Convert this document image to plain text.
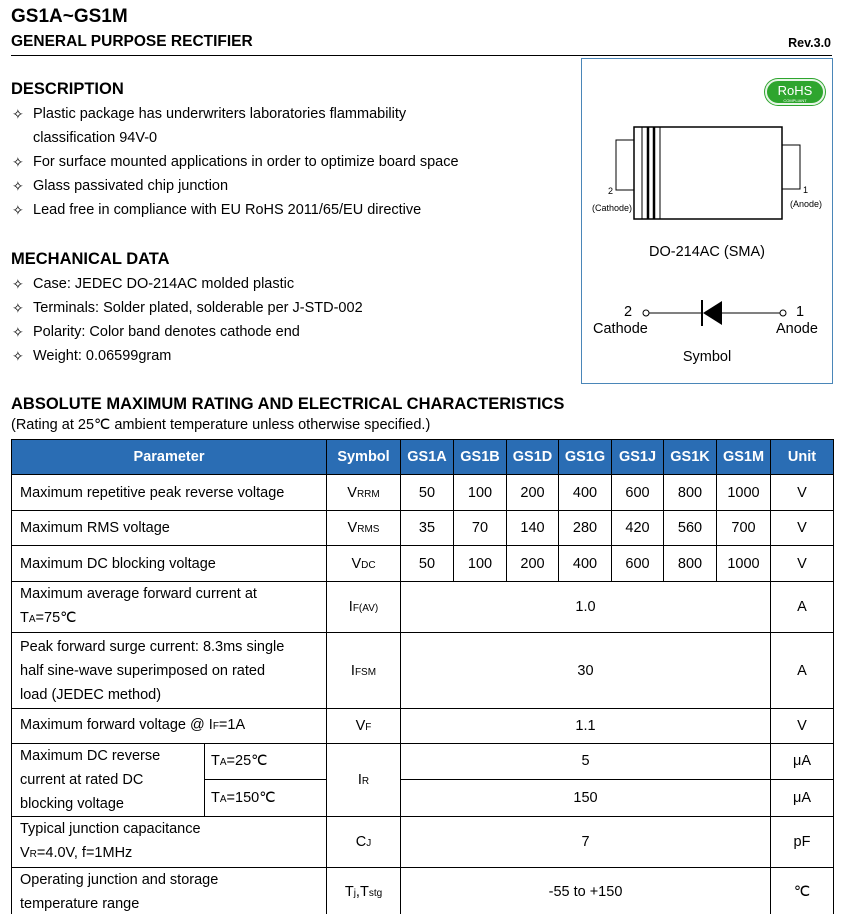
GS1A~GS1M
GENERAL PURPOSE RECTIFIER	Rev.3.0
DESCRIPTION
✧ Plastic package has underwriters laboratories flammability
classification 94V-0
✧ For surface mounted applications in order to optimize board space
✧ Glass passivated chip junction
✧ Lead free in compliance with EU RoHS 2011/65/EU directive
MECHANICAL DATA
✧ Case: JEDEC DO-214AC molded plastic
✧ Terminals: Solder plated, solderable per J-STD-002
✧ Polarity: Color band denotes cathode end
✧ Weight: 0.06599gram
RoHS
COMPLIANT
2
(Cathode)
1
(Anode)
DO-214AC (SMA)
2
Cathode
1
Anode
Symbol
ABSOLUTE MAXIMUM RATING AND ELECTRICAL CHARACTERISTICS
(Rating at 25℃ ambient temperature unless otherwise specified.)
Parameter		Symbol	GS1A	GS1B	GS1D	GS1G	GS1J	GS1K	GS1M	Unit
Maximum repetitive peak reverse voltage		VRRM	50	100	200	400	600	800	1000	V
Maximum RMS voltage		VRMS	35	70	140	280	420	560	700	V
Maximum DC blocking voltage		VDC	50	100	200	400	600	800	1000	V

Maximum average forward current at
TA=75℃		IF(AV)	1.0							A

Peak forward surge current: 8.3ms single
half sine-wave superimposed on rated
load (JEDEC method)		IFSM	30							A
Maximum forward voltage @ IF=1A		VF	1.1							V

Maximum DC reverse
current at rated DC
blocking voltage	TA=25℃	IR	5							μA
	TA=150℃		150							μA

Typical junction capacitance
VR=4.0V, f=1MHz		CJ	7							pF

Operating junction and storage
temperature range		Tj,Tstg	-55 to +150							℃
